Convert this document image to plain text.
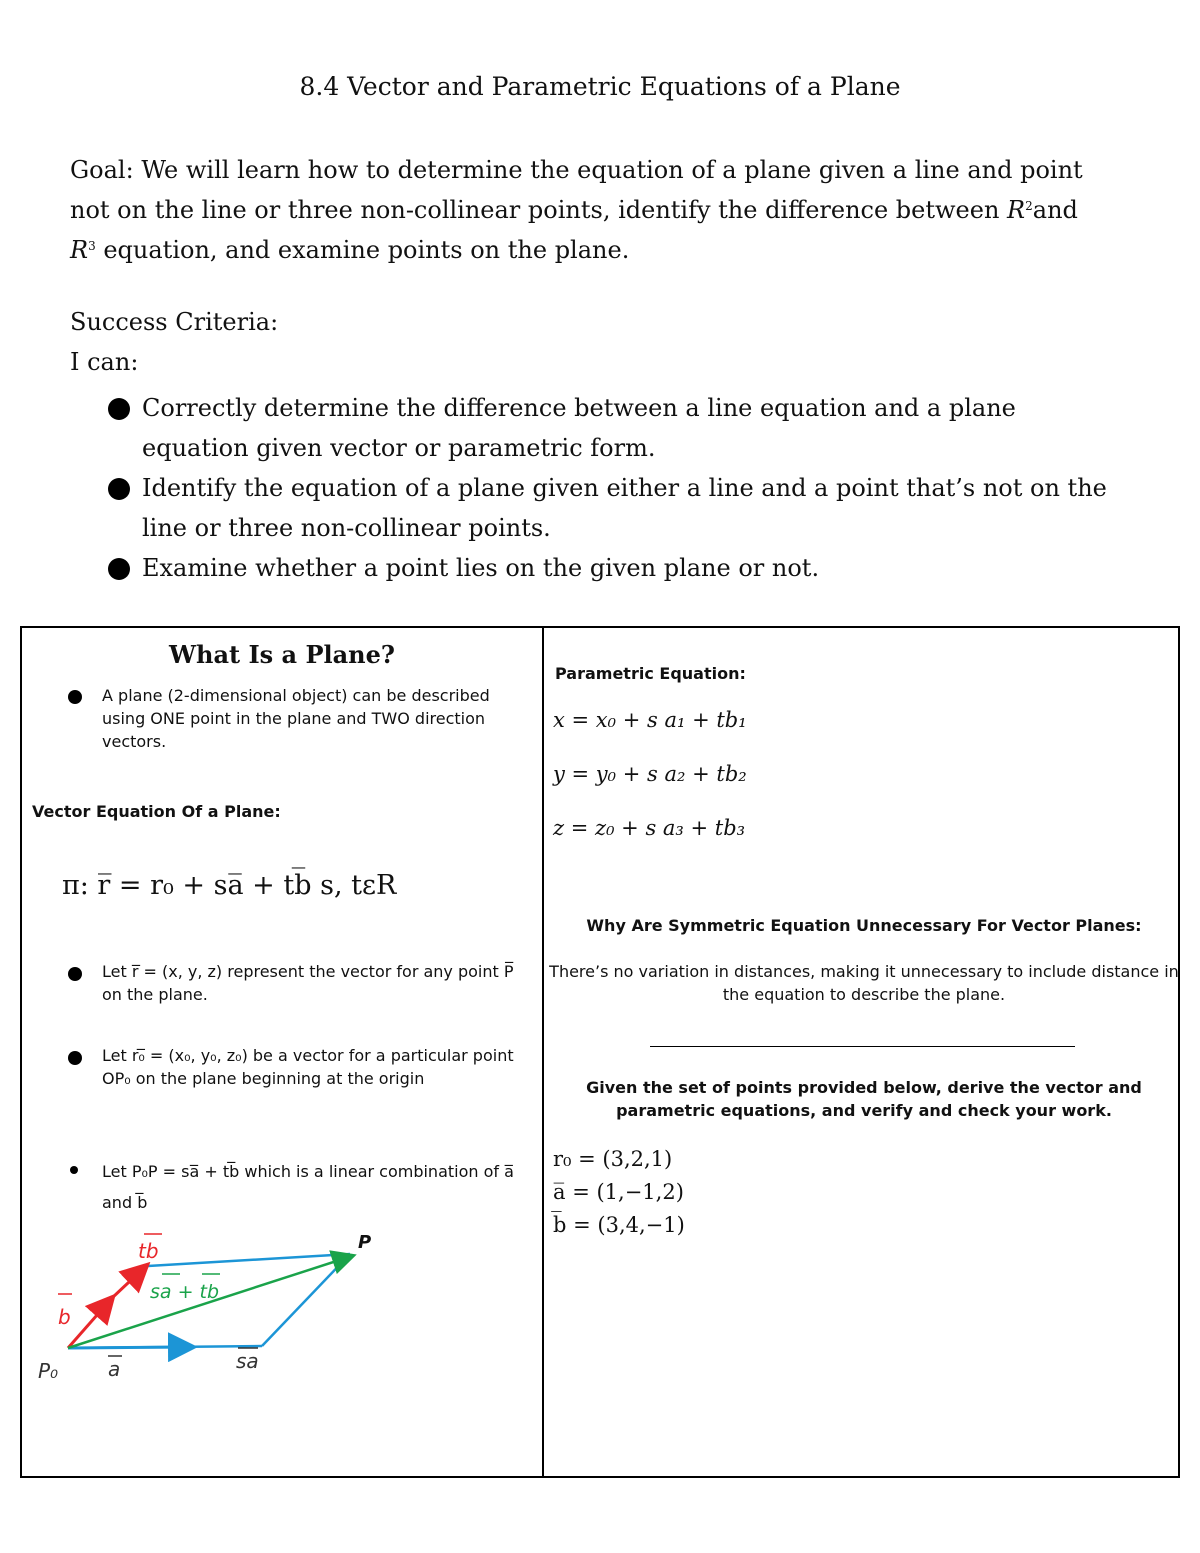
8.4 Vector and Parametric Equations of a Plane
Goal: We will learn how to determine the equation of a plane given a line and point
not on the line or three non-collinear points, identify the difference between $R^2and$
$R^3$ equation, and examine points on the plane.
Success Criteria:
I can:
Correctly determine the difference between a line equation and a plane equation given vector or parametric form.
Identify the equation of a plane given either a line and a point that’s not on the line or three non-collinear points.
Examine whether a point lies on the given plane or not.
What Is a Plane?
A plane (2-dimensional object) can be described using ONE point in the plane and TWO direction vectors.
Vector Equation Of a Plane:
π: r̅ = r₀ + sa̅ + tb̅ s, tεR
Let r̅ = (x, y, z) represent the vector for any point P̅ on the plane.
Let r₀̅ = (x₀, y₀, z₀) be a vector for a particular point OP₀ on the plane beginning at the origin
Let P₀P = sa̅ + tb̅ which is a linear combination of a̅ and b̅
tb	P
sa + tb
b
P₀ a	sa
Parametric Equation:
x = x₀ + s a₁ + tb₁
y = y₀ + s a₂ + tb₂
z = z₀ + s a₃ + tb₃
Why Are Symmetric Equation Unnecessary For Vector Planes:
There’s no variation in distances, making it unnecessary to include distance in the equation to describe the plane.
Given the set of points provided below, derive the vector and parametric equations, and verify and check your work.
r₀ = (3,2,1)
a̅ = (1,−1,2)
b̅ = (3,4,−1)
